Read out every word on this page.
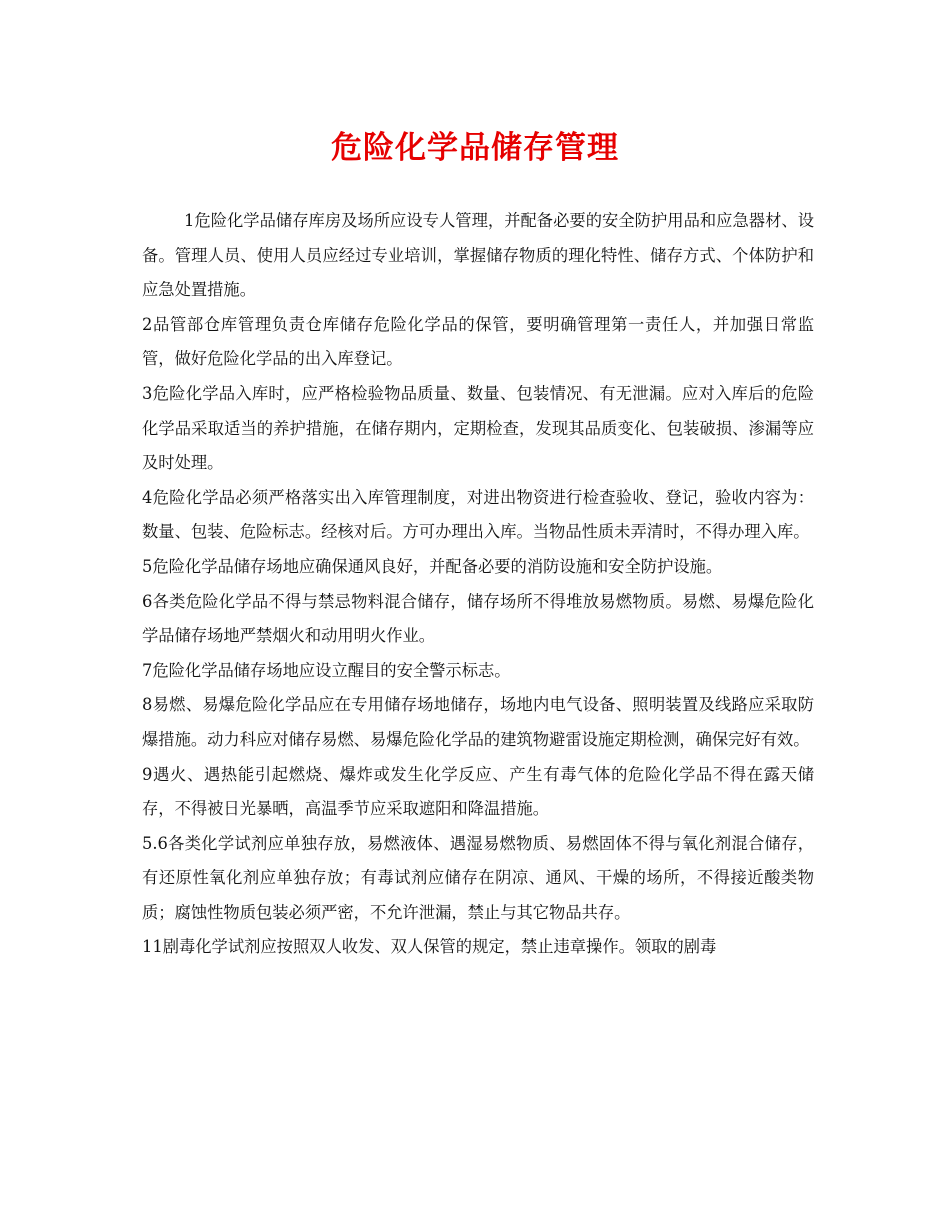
危险化学品储存管理

1危险化学品储存库房及场所应设专人管理，并配备必要的安全防护用品和应急器材、设备。管理人员、使用人员应经过专业培训，掌握储存物质的理化特性、储存方式、个体防护和应急处置措施。

2品管部仓库管理负责仓库储存危险化学品的保管，要明确管理第一责任人，并加强日常监管，做好危险化学品的出入库登记。

3危险化学品入库时，应严格检验物品质量、数量、包装情况、有无泄漏。应对入库后的危险化学品采取适当的养护措施，在储存期内，定期检查，发现其品质变化、包装破损、渗漏等应及时处理。

4危险化学品必须严格落实出入库管理制度，对进出物资进行检查验收、登记，验收内容为：数量、包装、危险标志。经核对后。方可办理出入库。当物品性质未弄清时，不得办理入库。

5危险化学品储存场地应确保通风良好，并配备必要的消防设施和安全防护设施。

6各类危险化学品不得与禁忌物料混合储存，储存场所不得堆放易燃物质。易燃、易爆危险化学品储存场地严禁烟火和动用明火作业。

7危险化学品储存场地应设立醒目的安全警示标志。

8易燃、易爆危险化学品应在专用储存场地储存，场地内电气设备、照明装置及线路应采取防爆措施。动力科应对储存易燃、易爆危险化学品的建筑物避雷设施定期检测，确保完好有效。

9遇火、遇热能引起燃烧、爆炸或发生化学反应、产生有毒气体的危险化学品不得在露天储存，不得被日光暴晒，高温季节应采取遮阳和降温措施。

5.6各类化学试剂应单独存放，易燃液体、遇湿易燃物质、易燃固体不得与氧化剂混合储存，有还原性氧化剂应单独存放；有毒试剂应储存在阴凉、通风、干燥的场所，不得接近酸类物质；腐蚀性物质包装必须严密，不允许泄漏，禁止与其它物品共存。

11剧毒化学试剂应按照双人收发、双人保管的规定，禁止违章操作。领取的剧毒
